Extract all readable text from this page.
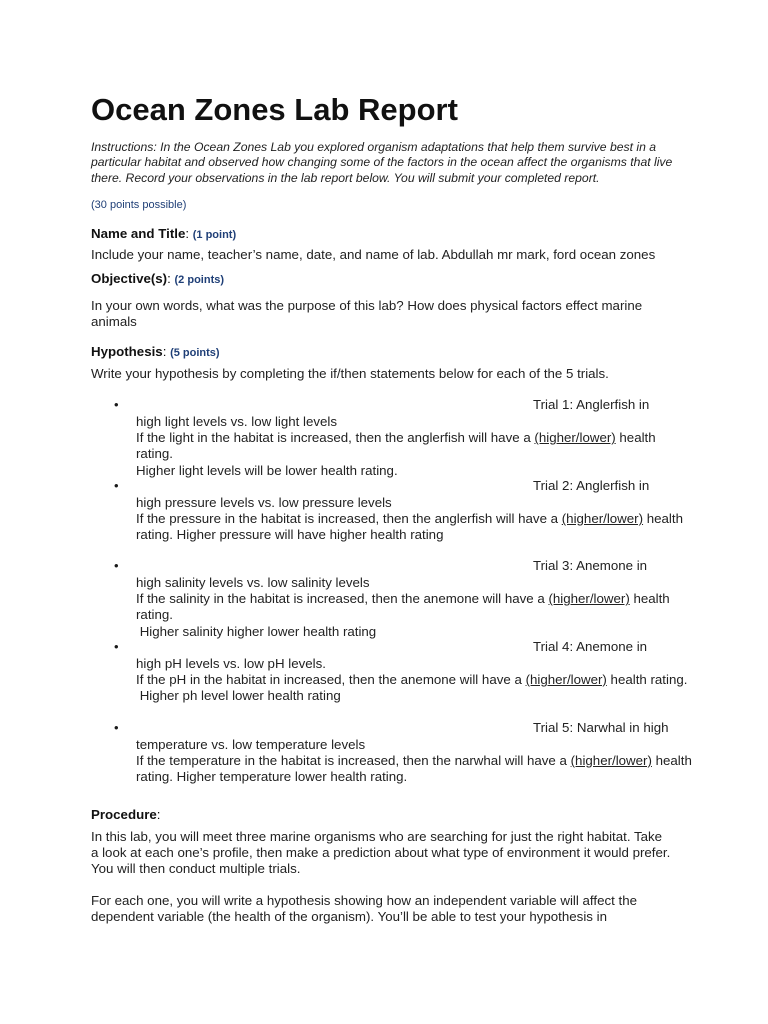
Ocean Zones Lab Report
Instructions: In the Ocean Zones Lab you explored organism adaptations that help them survive best in a particular habitat and observed how changing some of the factors in the ocean affect the organisms that live there. Record your observations in the lab report below. You will submit your completed report.
(30 points possible)
Name and Title: (1 point)
Include your name, teacher’s name, date, and name of lab. Abdullah mr mark, ford ocean zones
Objective(s): (2 points)
In your own words, what was the purpose of this lab? How does physical factors effect marine animals
Hypothesis: (5 points)
Write your hypothesis by completing the if/then statements below for each of the 5 trials.
•	Trial 1: Anglerfish in
high light levels vs. low light levels
If the light in the habitat is increased, then the anglerfish will have a (higher/lower) health rating.
Higher light levels will be lower health rating.
•	Trial 2: Anglerfish in
high pressure levels vs. low pressure levels
If the pressure in the habitat is increased, then the anglerfish will have a (higher/lower) health rating. Higher pressure will have higher health rating
•	Trial 3: Anemone in
high salinity levels vs. low salinity levels
If the salinity in the habitat is increased, then the anemone will have a (higher/lower) health rating.
Higher salinity higher lower health rating
•	Trial 4: Anemone in
high pH levels vs. low pH levels.
If the pH in the habitat in increased, then the anemone will have a (higher/lower) health rating.
Higher ph level lower health rating
•	Trial 5: Narwhal in high
temperature vs. low temperature levels
If the temperature in the habitat is increased, then the narwhal will have a (higher/lower) health rating. Higher temperature lower health rating.
Procedure:
In this lab, you will meet three marine organisms who are searching for just the right habitat. Take a look at each one’s profile, then make a prediction about what type of environment it would prefer. You will then conduct multiple trials.
For each one, you will write a hypothesis showing how an independent variable will affect the dependent variable (the health of the organism). You’ll be able to test your hypothesis in
